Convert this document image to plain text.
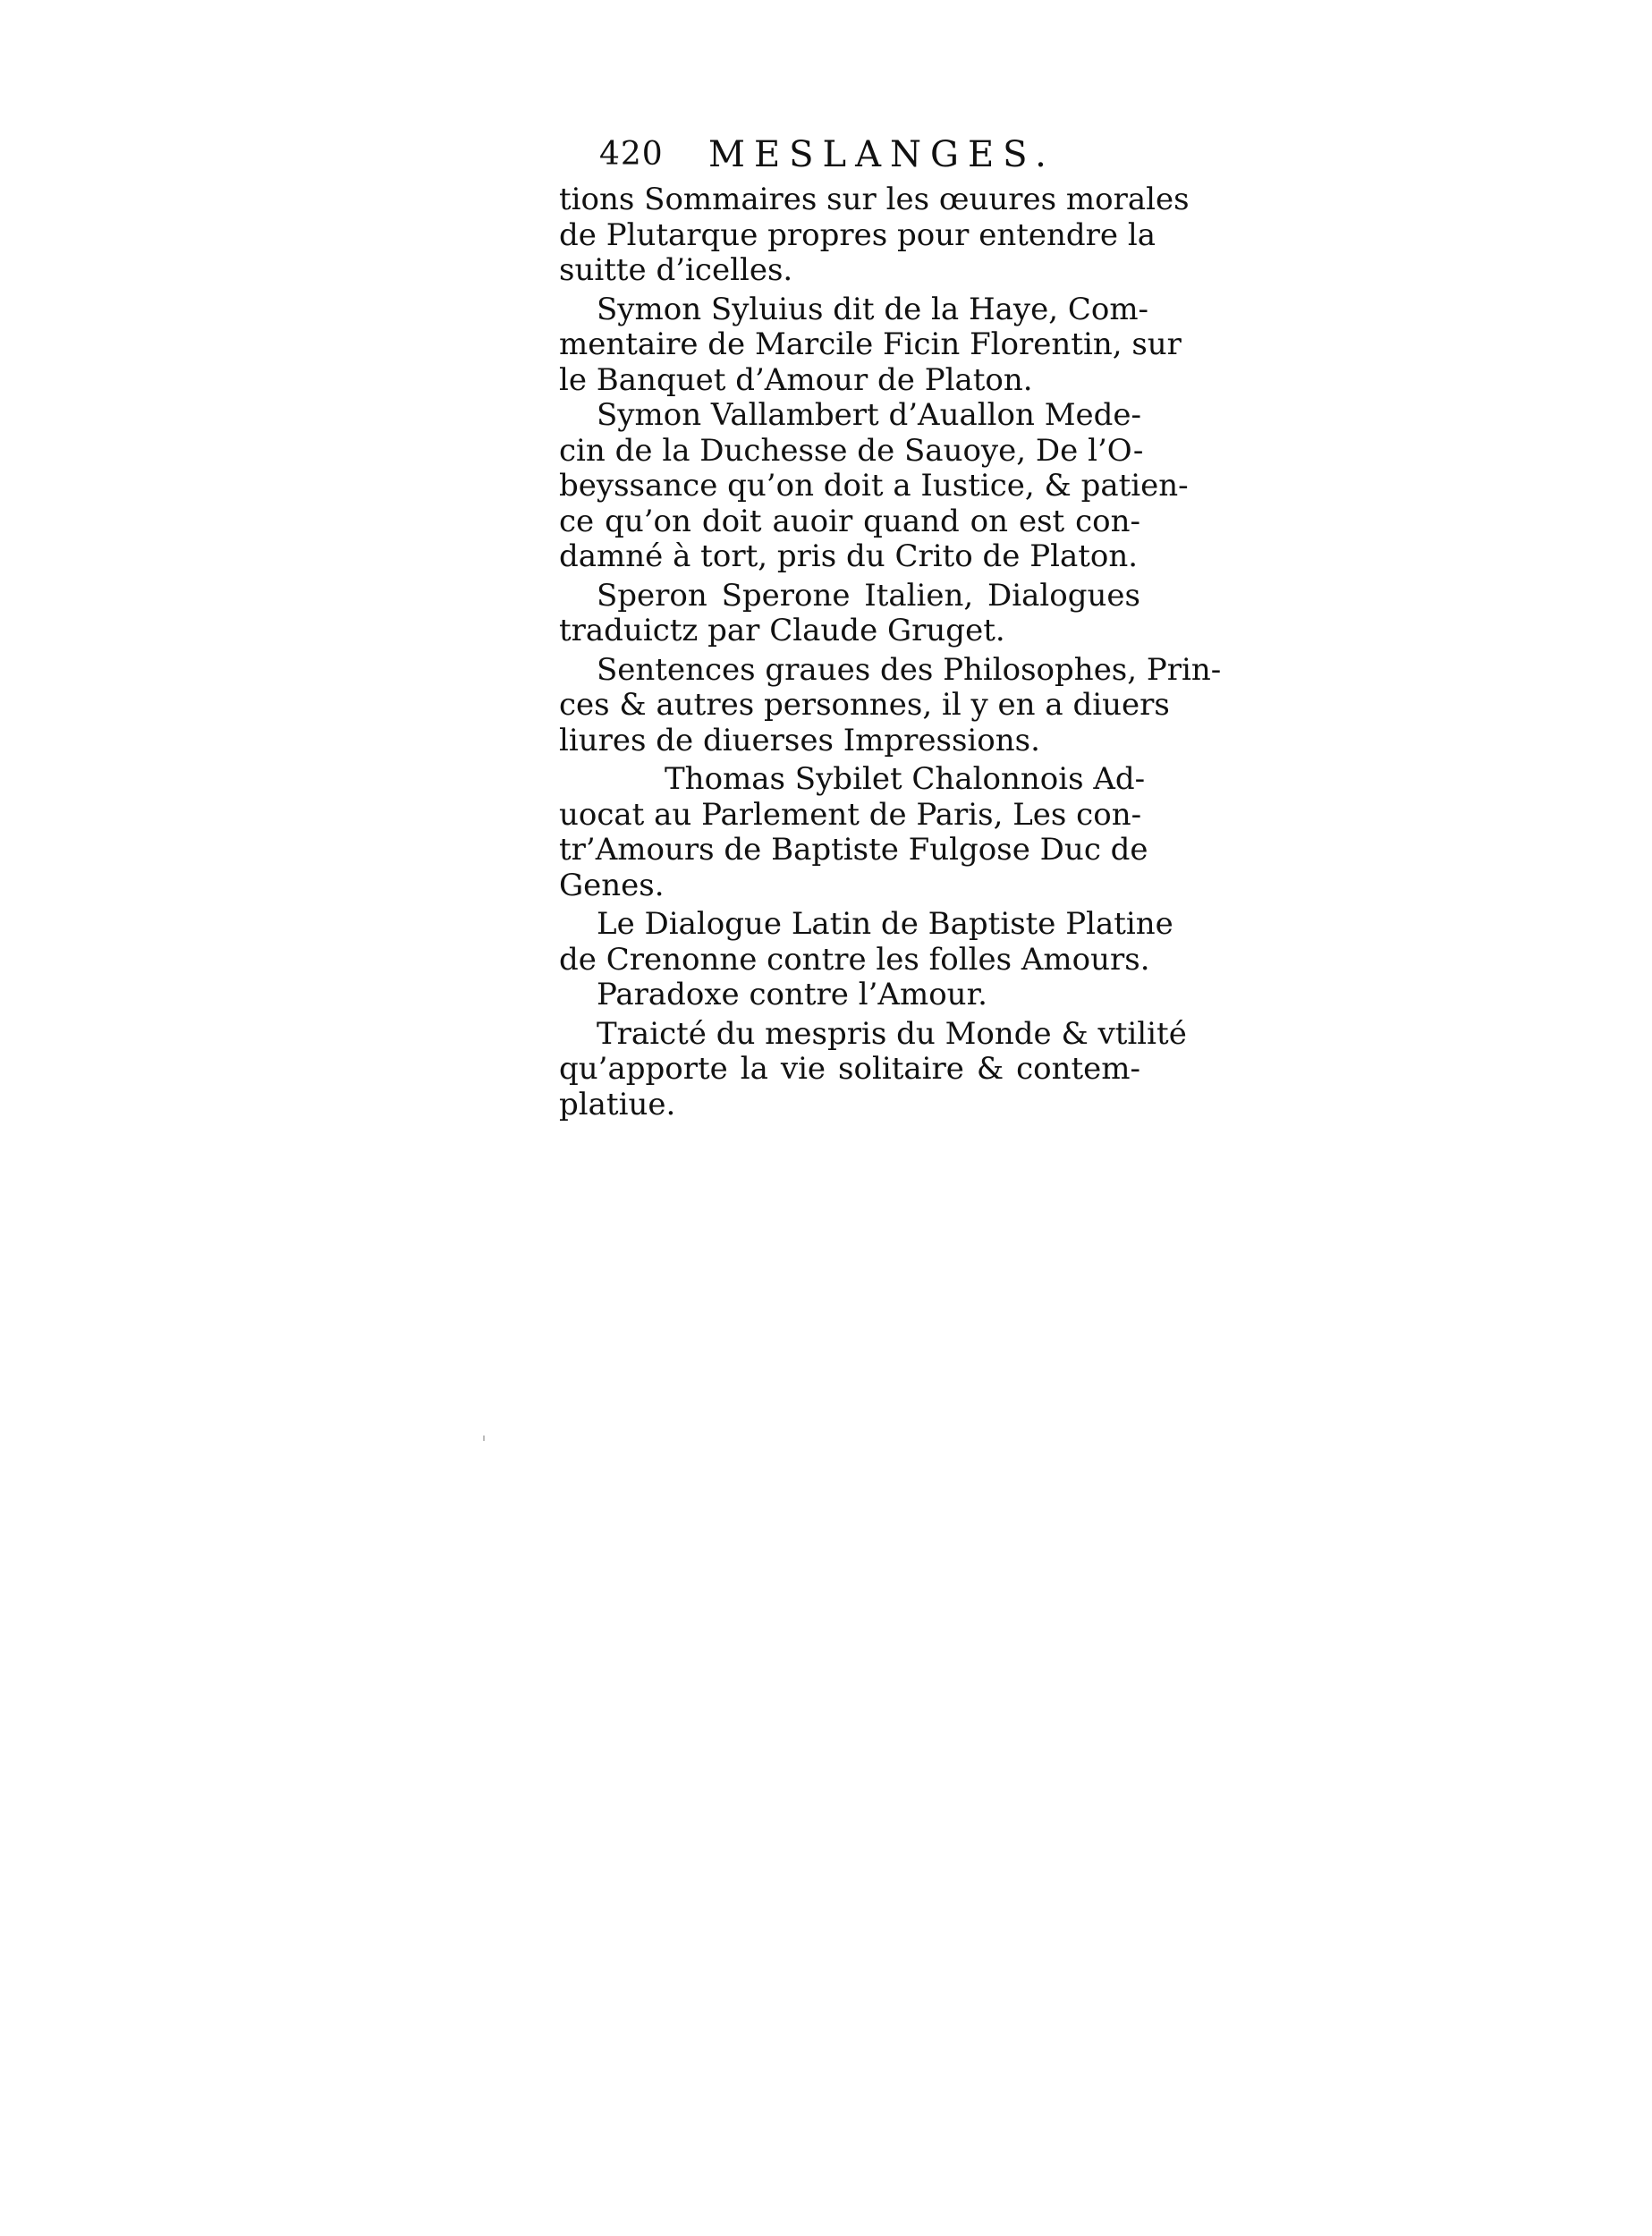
420 MESLANGES.
tions Sommaires sur les œuures morales
de Plutarque propres pour entendre la
suitte d’icelles.
Symon Syluius dit de la Haye, Com-
mentaire de Marcile Ficin Florentin, sur
le Banquet d’Amour de Platon.
Symon Vallambert d’Auallon Mede-
cin de la Duchesse de Sauoye, De l’O-
beyssance qu’on doit a Iustice, & patien-
ce qu’on doit auoir quand on est con-
damné à tort, pris du Crito de Platon.
Speron Sperone Italien, Dialogues
traduictz par Claude Gruget.
Sentences graues des Philosophes, Prin-
ces & autres personnes, il y en a diuers
liures de diuerses Impressions.
Thomas Sybilet Chalonnois Ad-
uocat au Parlement de Paris, Les con-
tr’Amours de Baptiste Fulgose Duc de
Genes.
Le Dialogue Latin de Baptiste Platine
de Crenonne contre les folles Amours.
Paradoxe contre l’Amour.
Traicté du mespris du Monde & vtilité
qu’apporte la vie solitaire & contem-
platiue.
